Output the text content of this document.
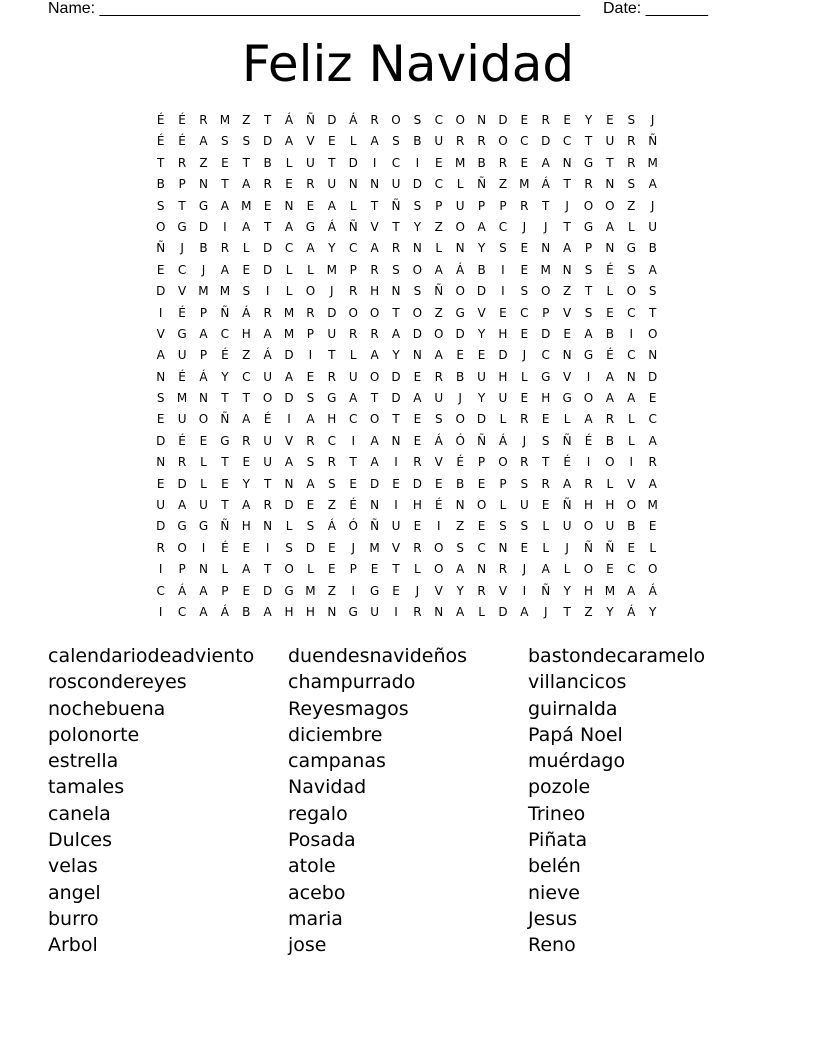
Name: ______________________________________________________ Date: _______
Feliz Navidad
É É R M Z T Á Ñ D Á R O S C O N D E R E Y E S J
É É A S S D A V E L A S B U R R O C D C T U R Ñ
T R Z E T B L U T D I C I E M B R E A N G T R M
B P N T A R E R U N N U D C L Ñ Z M Á T R N S A
S T G A M E N E A L T Ñ S P U P P R T J O O Z J
O G D I A T A G Á Ñ V T Y Z O A C J J T G A L U
Ñ J B R L D C A Y C A R N L N Y S E N A P N G B
E C J A E D L L M P R S O A Á B I E M N S É S A
D V M M S I L O J R H N S Ñ O D I S O Z T L O S
I É P Ñ Á R M R D O O T O Z G V E C P V S E C T
V G A C H A M P U R R A D O D Y H E D E A B I O
A U P É Z Á D I T L A Y N A E E D J C N G É C N
N É Á Y C U A E R U O D E R B U H L G V I A N D
S M N T T O D S G A T D A U J Y U E H G O A A E
E U O Ñ A É I A H C O T E S O D L R E L A R L C
D É E G R U V R C I A N E Á Ó Ñ Á J S Ñ É B L A
N R L T E U A S R T A I R V É P O R T É I O I R
E D L E Y T N A S E D E D E B E P S R A R L V A
U A U T A R D E Z É N I H É N O L U E Ñ H H O M
D G G Ñ H N L S Á Ó Ñ U E I Z E S S L U O U B E
R O I É E I S D E J M V R O S C N E L J Ñ Ñ E L
I P N L A T O L E P E T L O A N R J A L O E C O
C Á A P E D G M Z I G E J V Y R V I Ñ Y H M A Á
I C A Á B A H H N G U I R N A L D A J T Z Y Á Y
calendariodeadviento
roscondereyes
nochebuena
polonorte
estrella
tamales
canela
Dulces
velas
angel
burro
Arbol
duendesnavideños
champurrado
Reyesmagos
diciembre
campanas
Navidad
regalo
Posada
atole
acebo
maria
jose
bastondecaramelo
villancicos
guirnalda
Papá Noel
muérdago
pozole
Trineo
Piñata
belén
nieve
Jesus
Reno
